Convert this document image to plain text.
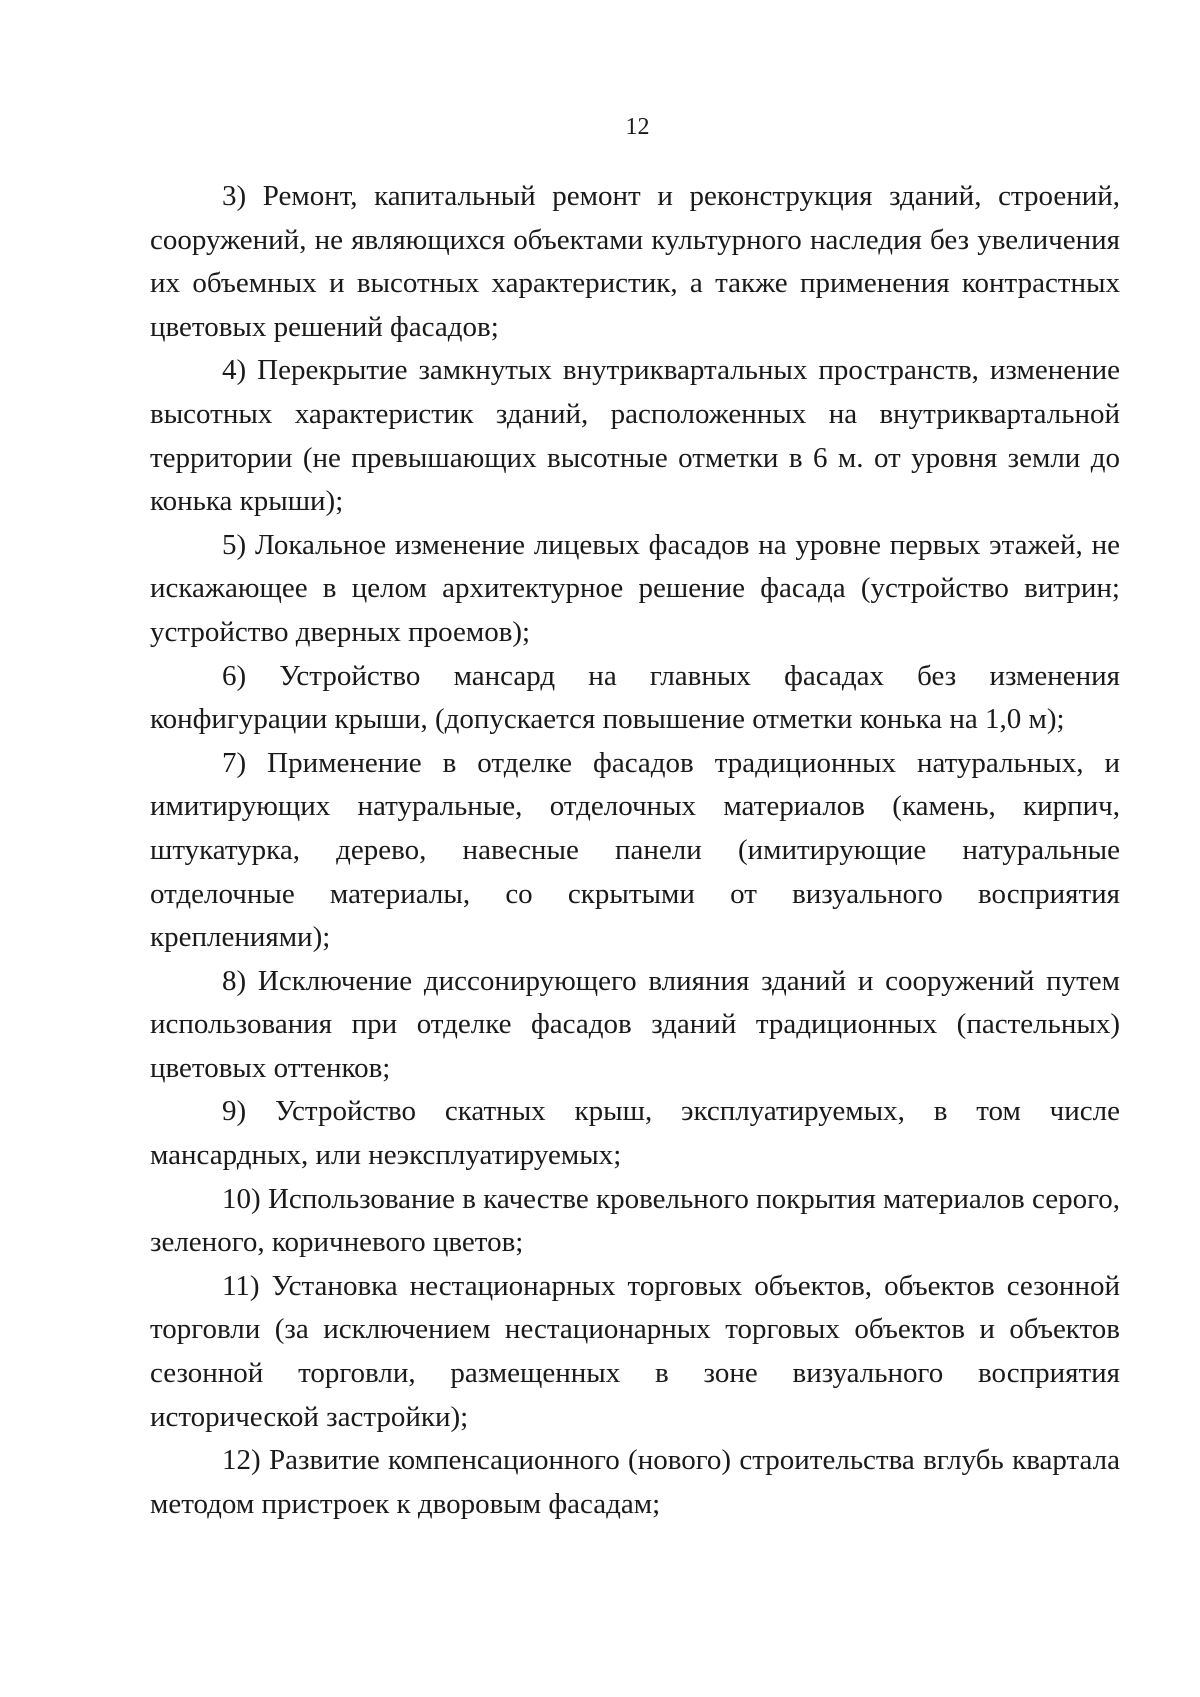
12

3) Ремонт, капитальный ремонт и реконструкция зданий, строений, сооружений, не являющихся объектами культурного наследия без увеличения их объемных и высотных характеристик, а также применения контрастных цветовых решений фасадов;

4) Перекрытие замкнутых внутриквартальных пространств, изменение высотных характеристик зданий, расположенных на внутриквартальной территории (не превышающих высотные отметки в 6 м. от уровня земли до конька крыши);

5) Локальное изменение лицевых фасадов на уровне первых этажей, не искажающее в целом архитектурное решение фасада (устройство витрин; устройство дверных проемов);

6) Устройство мансард на главных фасадах без изменения конфигурации крыши, (допускается повышение отметки конька на 1,0 м);

7) Применение в отделке фасадов традиционных натуральных, и имитирующих натуральные, отделочных материалов (камень, кирпич, штукатурка, дерево, навесные панели (имитирующие натуральные отделочные материалы, со скрытыми от визуального восприятия креплениями);

8) Исключение диссонирующего влияния зданий и сооружений путем использования при отделке фасадов зданий традиционных (пастельных) цветовых оттенков;

9) Устройство скатных крыш, эксплуатируемых, в том числе мансардных, или неэксплуатируемых;

10) Использование в качестве кровельного покрытия материалов серого, зеленого, коричневого цветов;

11) Установка нестационарных торговых объектов, объектов сезонной торговли (за исключением нестационарных торговых объектов и объектов сезонной торговли, размещенных в зоне визуального восприятия исторической застройки);

12) Развитие компенсационного (нового) строительства вглубь квартала методом пристроек к дворовым фасадам;
